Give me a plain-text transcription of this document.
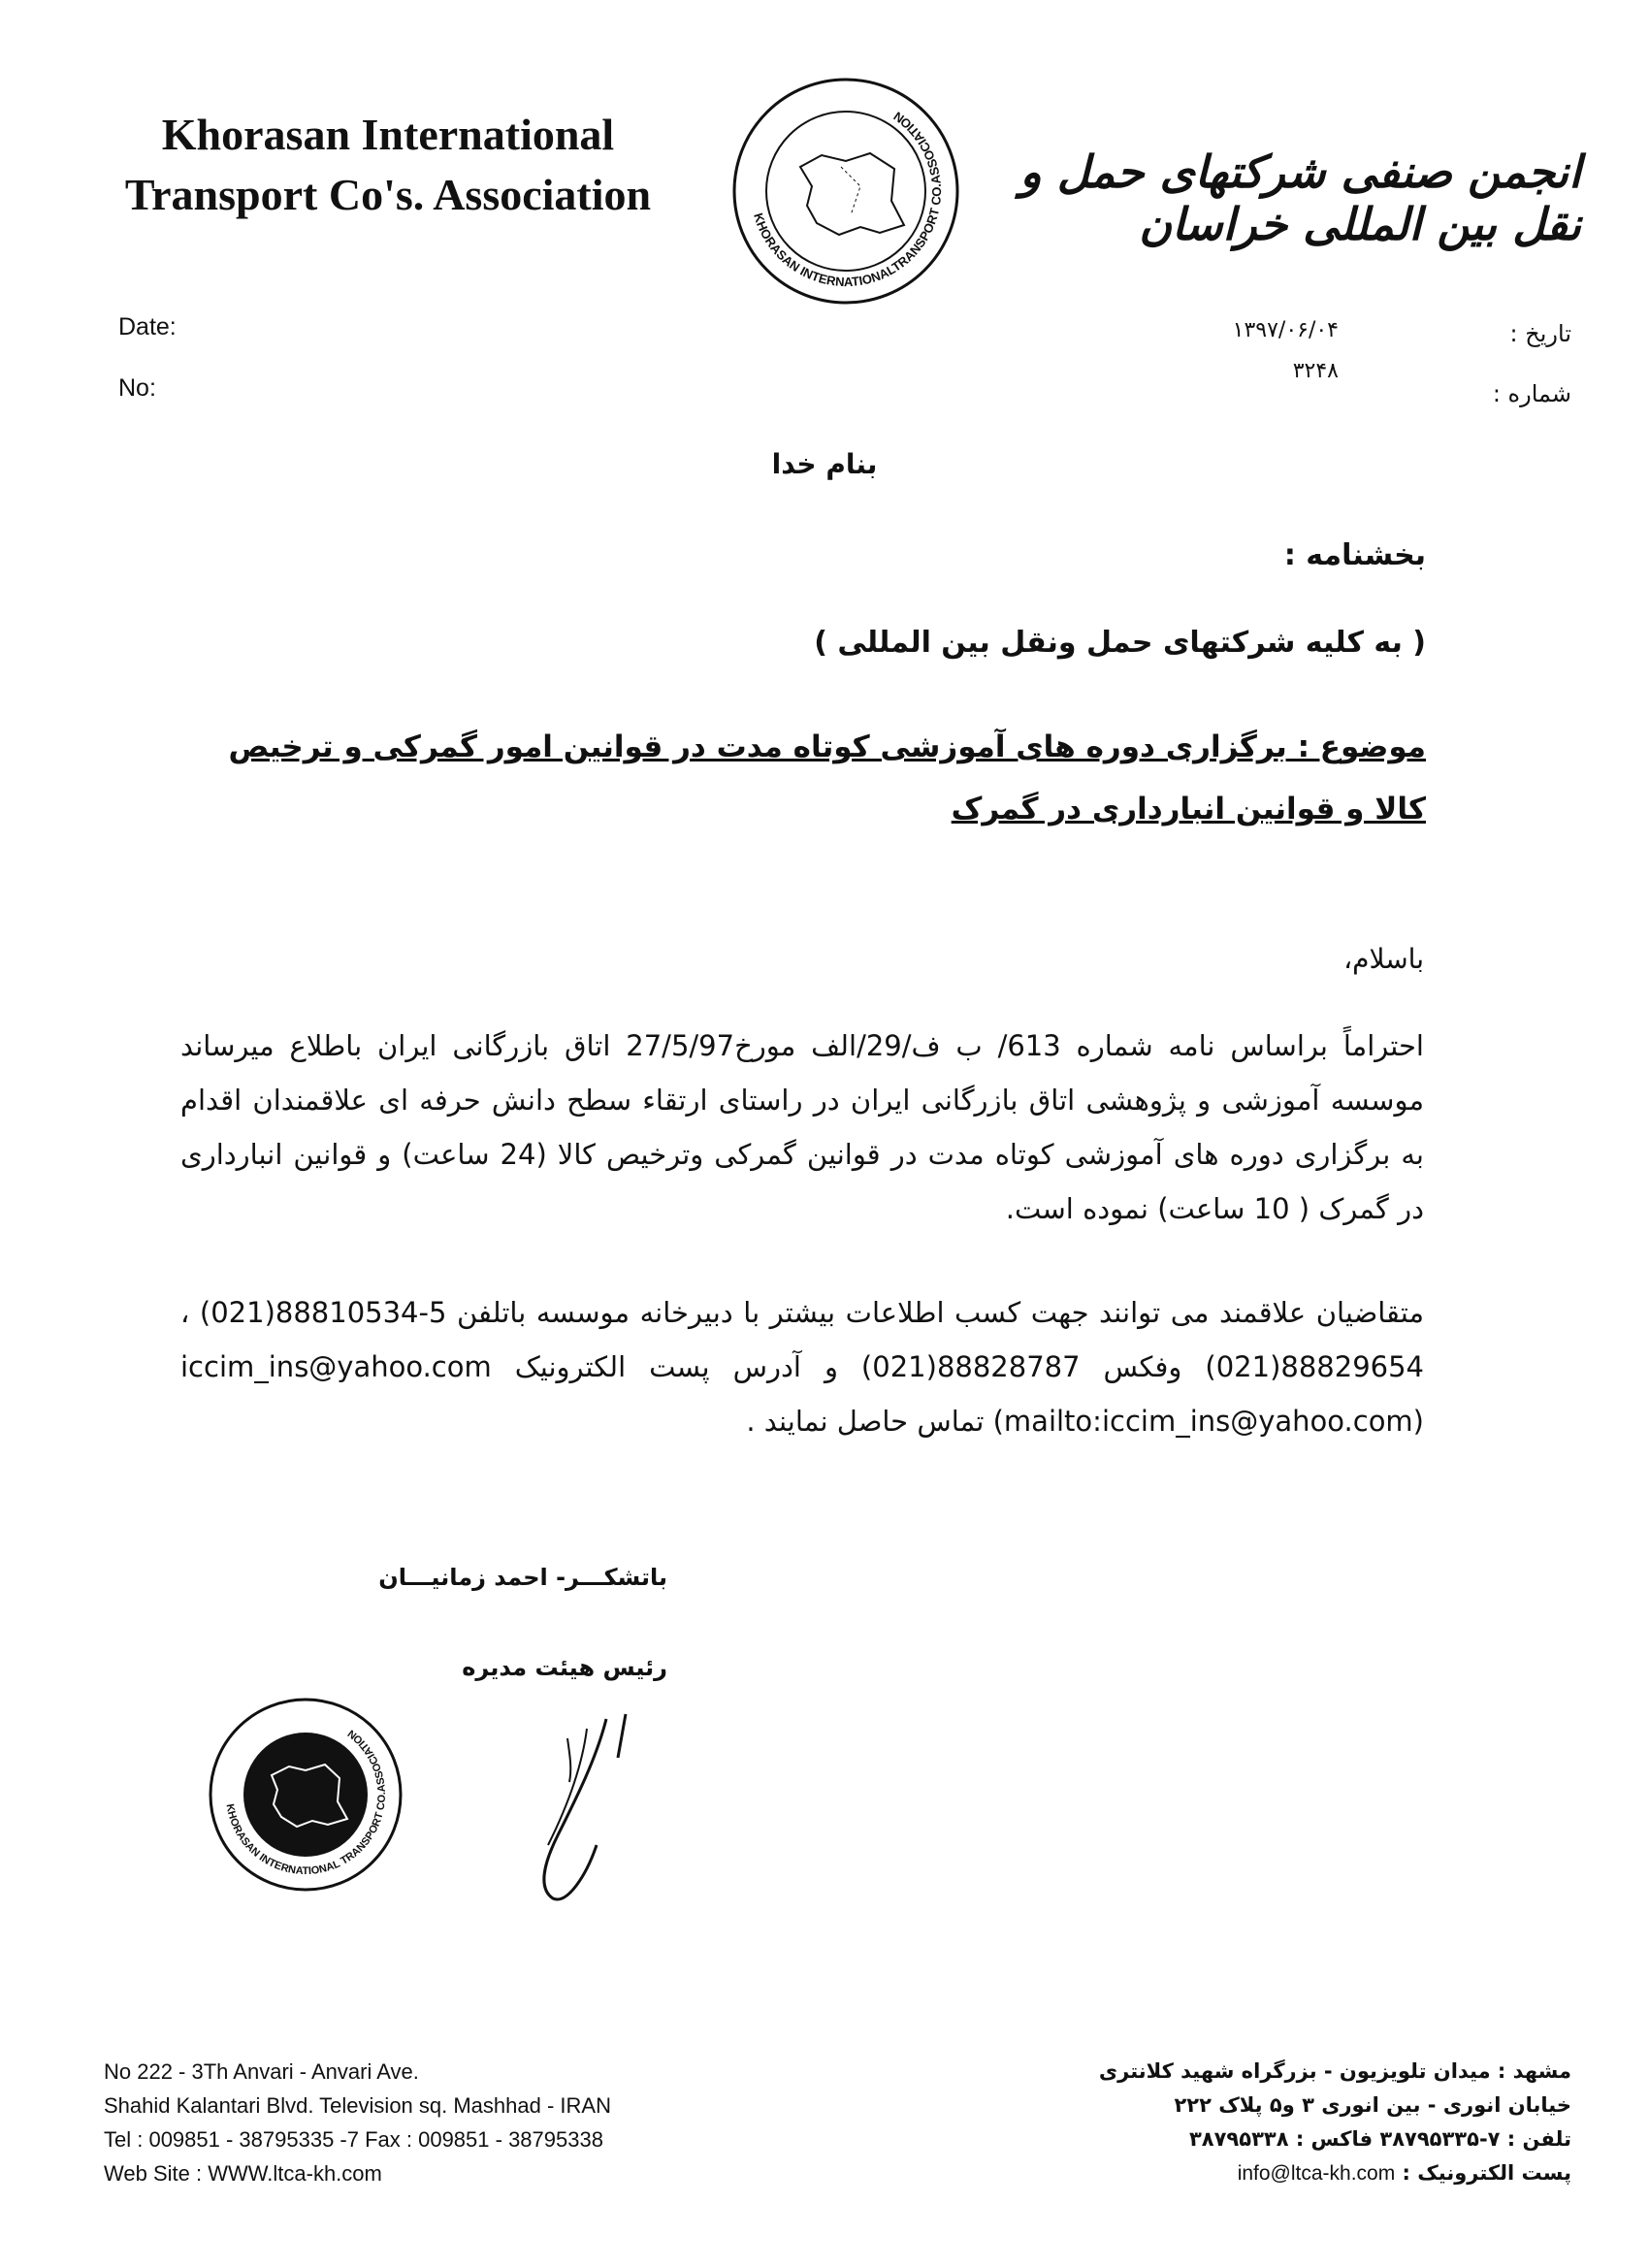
Khorasan International
Transport Co's. Association	KHORASAN INTERNATIONALTRANSPORT CO.ASSOCIATION
انجمن صنفی شرکتهای حمل و نقل بین المللی خراسان
Date:
No:
۱۳۹۷/۰۶/۰۴
۳۲۴۸
تاریخ :
شماره :
بنام خدا
بخشنامه :
( به کلیه شرکتهای حمل ونقل بین المللی )
موضوع : برگزاری دوره های آموزشی کوتاه مدت در قوانین امور گمرکی و ترخیص کالا و قوانین انبارداری در گمرک
باسلام،
احتراماً براساس نامه شماره 613/ ب ف/29/الف مورخ27/5/97 اتاق بازرگانی ایران باطلاع میرساند موسسه آموزشی و پژوهشی اتاق بازرگانی ایران در راستای ارتقاء سطح دانش حرفه ای علاقمندان اقدام به برگزاری دوره های آموزشی کوتاه مدت در قوانین گمرکی وترخیص کالا (24 ساعت) و قوانین انبارداری در گمرک ( 10 ساعت) نموده است.
متقاضیان علاقمند می توانند جهت کسب اطلاعات بیشتر با دبیرخانه موسسه باتلفن 5-88810534(021) ، 88829654(021) وفکس 88828787(021) و آدرس پست الکترونیک iccim_ins@yahoo.com (mailto:iccim_ins@yahoo.com) تماس حاصل نمایند .
باتشکـــر- احمد زمانیـــان
رئیس هیئت مدیره
KHORASAN INTERNATIONAL TRANSPORT CO.ASSOCIATION
No 222 - 3Th Anvari - Anvari Ave.
Shahid Kalantari Blvd. Television sq. Mashhad - IRAN
Tel : 009851 - 38795335 -7 Fax : 009851 - 38795338
Web Site : WWW.ltca-kh.com
مشهد : میدان تلویزیون - بزرگراه شهید کلانتری
خیابان انوری - بین انوری ۳ و۵ پلاک ۲۲۲
تلفن : ۷-۳۸۷۹۵۳۳۵ فاکس : ۳۸۷۹۵۳۳۸
پست الکترونیک : info@ltca-kh.com
